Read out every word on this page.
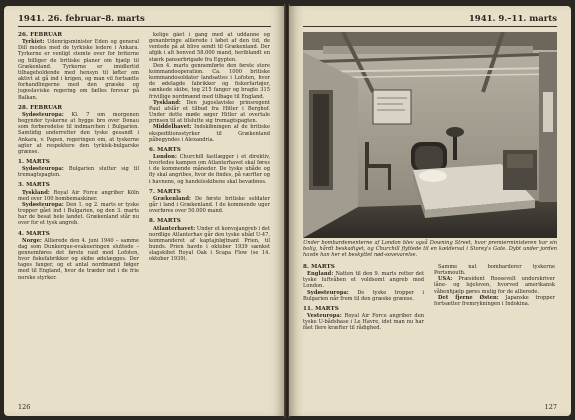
1941. 26. februar–8. marts
26. FEBRUAR

Tyrkiet: Udenrigsminister Eden og general Dill modes med de tyrkiske ledere i Ankara. Tyrkerne er venligt stemte over for briterne og billiger de britiske planer om hjælp til Grækenland. Tyrkerne er imidlertid tilbageholdende med hensyn til løfter om aktivt at gå ind i krigen, og man vil fortsætte forhandlingerne med den græske og jugoslaviske regering om fælles forsvar på Balkan.

28. FEBRUAR

Sydøsteuropa: Kl. 7 om morgenen begynder tyskerne at bygge bro over Donau som forberedelse til indmarchen i Bulgarien. Samtidig underretter den tyske gesandt i Ankara, v. Papen, regeringen om, at tyskerne agter at respektere den tyrkisk-bulgarske grænse.

1. MARTS

Sydøsteuropa: Bulgarien slutter sig til tremagtspagten.

3. MARTS

Tyskland: Royal Air Force angriber Köln med over 100 bombemaskiner.

Sydøsteuropa: Den 1. og 2. marts er tyske tropper gået ind i Bulgarien, og den 3. marts har de besat hele landet. Grækenland står nu over for et tysk angreb.

4. MARTS

Norge: Allierede den 4. juni 1940 – samme dag som Dunkerque-evakueringen sluttede – gennemføres det første raid mod Lofoten, hvor fiskefabrikker og skibe ødelægges. Der tages fanger, og et antal nordmænd følger med til England, hvor de træder ind i de frie norske styrker.

kelige gået i gang med at uddanne og genanbringe allierede i løbet af den tid, de ventede på at blive sendt til Grækenland. Der afgik i alt henved 58.000 mand, heriblandt en stærk panserbrigade fra Egypten.

Den 4. marts gennemførte den første store kommandooperation. Ca. 1000 britiske kommandosoldater landsattes i Lofoten, hvor de ødelagde fabrikker og fiskerfartøjer, sænkede skibe, tog 215 fanger og bragte 315 frivillige nordmænd med tilbage til England.

Tyskland: Den jugoslaviske prinsregent Paul afslår et tilbud fra Hitler i Berghof. Under dette møde søger Hitler at overtale prinsen til at tilslutte sig tremagtspagten.

Middelhavet: Indskibningen af de britiske ekspeditionsstyrker til Grækenland påbegyndes i Alexandria.

6. MARTS

London: Churchill fastlægger i et direktiv, hvorledes kampen om Atlanterhavet skal føres i de kommende måneder. De tyske ubåde og fly skal angribes, hvor de findes, på værfter og i havnene, og handelsskibene skal bevæbnes.

7. MARTS

Grækenland: De første britiske soldater går i land i Grækenland. I de kommende uger overføres over 50.000 mand.

8. MARTS

Atlanterhavet: Under et konvojangreb i det nordlige Atlanterhav går den tyske ubåd U-47, kommanderet af kaptajnløjtnant Prien, til bunds. Prien havde i oktober 1939 sænket slagskibet Royal Oak i Scapa Flow (se 14. oktober 1939).

126
1941. 9.–11. marts
Under bombardementerne af London blev også Downing Street, hvor premierministeren har sin bolig, hårdt beskadiget, og Churchill flyttede til en kældersal i Storey's Gate. Dybt under jorden havde han her et beskyttet nød-sovevarelse.
8. MARTS

England: Natten til den 9. marts retter det tyske luftvåben et voldsomt angreb mod London.

Sydøsteuropa: De tyske tropper i Bulgarien når frem til den græske grænse.

11. MARTS

Vesteuropa: Royal Air Force angriber den tyske U-bådsbase i Le Havre, idet man nu har fået flere kræfter til rådighed.

Samme nat bombarderer tyskerne Portsmouth.

USA: Præsident Roosevelt underskriver låne- og lejeloven, hvorved amerikansk våbenhjælp gøres mulig for de allierede.

Det fjerne Østen: Japanske tropper fortsætter fremrykningen i Indokina.

127
